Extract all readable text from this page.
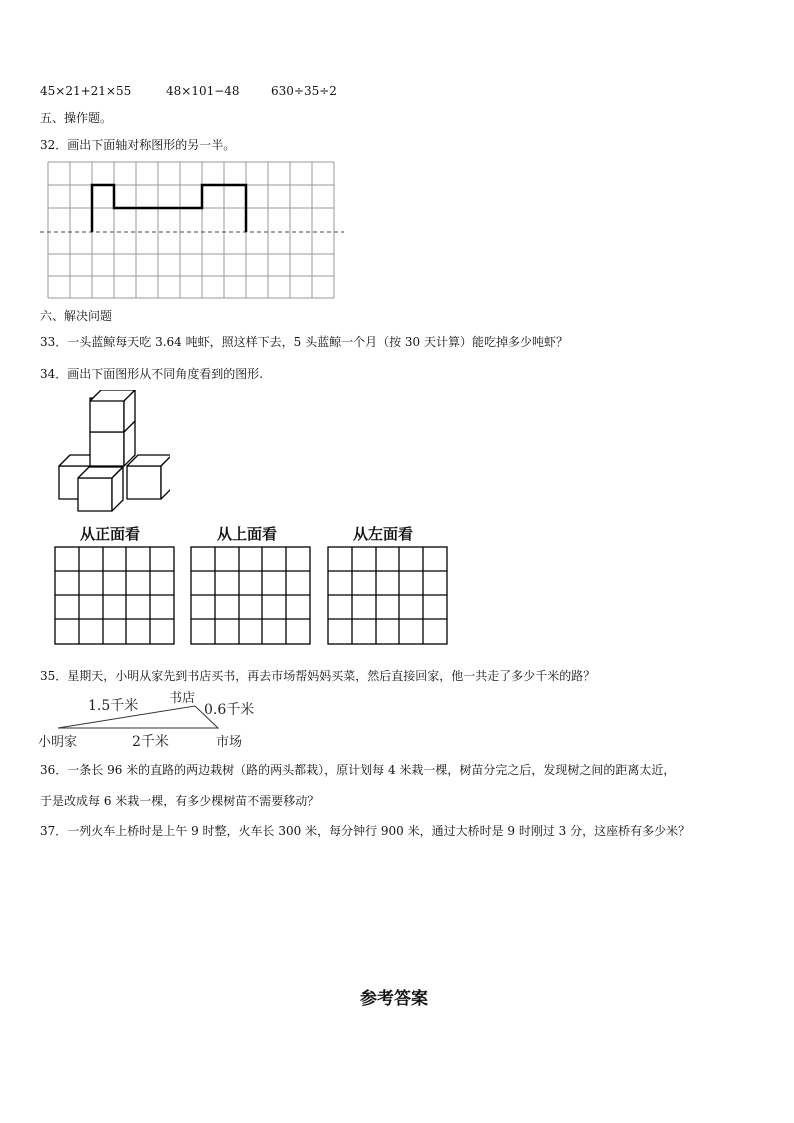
45×21+21×55	48×101−48	630÷35÷2
五、操作题。
32．画出下面轴对称图形的另一半。
六、解决问题
33．一头蓝鲸每天吃 3.64 吨虾，照这样下去，5 头蓝鲸一个月（按 30 天计算）能吃掉多少吨虾？
34．画出下面图形从不同角度看到的图形.
从正面看	从上面看	从左面看
35．星期天，小明从家先到书店买书，再去市场帮妈妈买菜，然后直接回家，他一共走了多少千米的路？
1.5千米 书店
0.6千米
小明家	2千米	市场
36．一条长 96 米的直路的两边栽树（路的两头都栽），原计划每 4 米栽一棵，树苗分完之后，发现树之间的距离太近，
于是改成每 6 米栽一棵，有多少棵树苗不需要移动？
37．一列火车上桥时是上午 9 时整，火车长 300 米，每分钟行 900 米，通过大桥时是 9 时刚过 3 分，这座桥有多少米？
参考答案
